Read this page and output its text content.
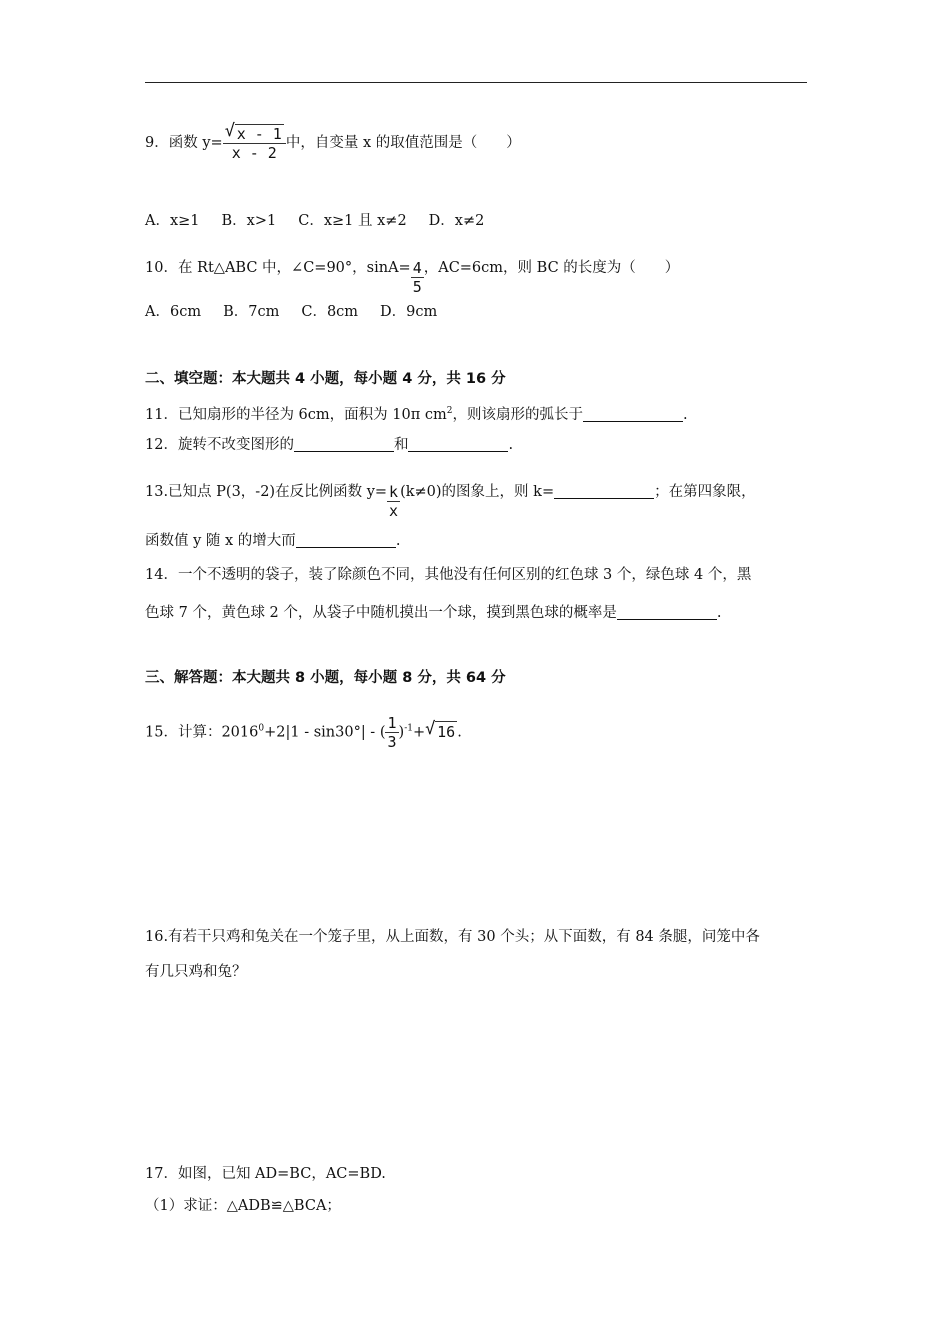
9．函数 $y= \frac{√ x - 1}{x - 2}$ 中，自变量 x 的取值范围是（　　）
A．x≥1 B．x>1 C．x≥1 且 x≠2 D．x≠2
10．在 Rt△ABC 中，∠C=90°，$\sin A= \frac{4}{5}$ ，AC=6cm，则 BC 的长度为（　　）
A．6cm B．7cm C．8cm D．9cm
二、填空题：本大题共 4 小题，每小题 4 分，共 16 分
11．已知扇形的半径为 6cm，面积为 10π $cm^2$，则该扇形的弧长于	.
12．旋转不改变图形的	和	.
13.已知点 P(3，-2)在反比例函数 $y= \frac{k}{x} (k\ne 0)$的图象上，则 k=	；在第四象限，
函数值 y 随 x 的增大而	.
14．一个不透明的袋子，装了除颜色不同，其他没有任何区别的红色球 3 个，绿色球 4 个，黑
色球 7 个，黄色球 2 个，从袋子中随机摸出一个球，摸到黑色球的概率是	.
三、解答题：本大题共 8 小题，每小题 8 分，共 64 分
15．计算：$2016^0+2|1 - \sin 30^\circ|$ - ( $\frac{1}{3} )^{-1}+$ √ 16 .
16.有若干只鸡和兔关在一个笼子里，从上面数，有 30 个头；从下面数，有 84 条腿，问笼中各
有几只鸡和兔？
17．如图，已知 AD=BC，AC=BD.
（1）求证：△ADB≌△BCA；
